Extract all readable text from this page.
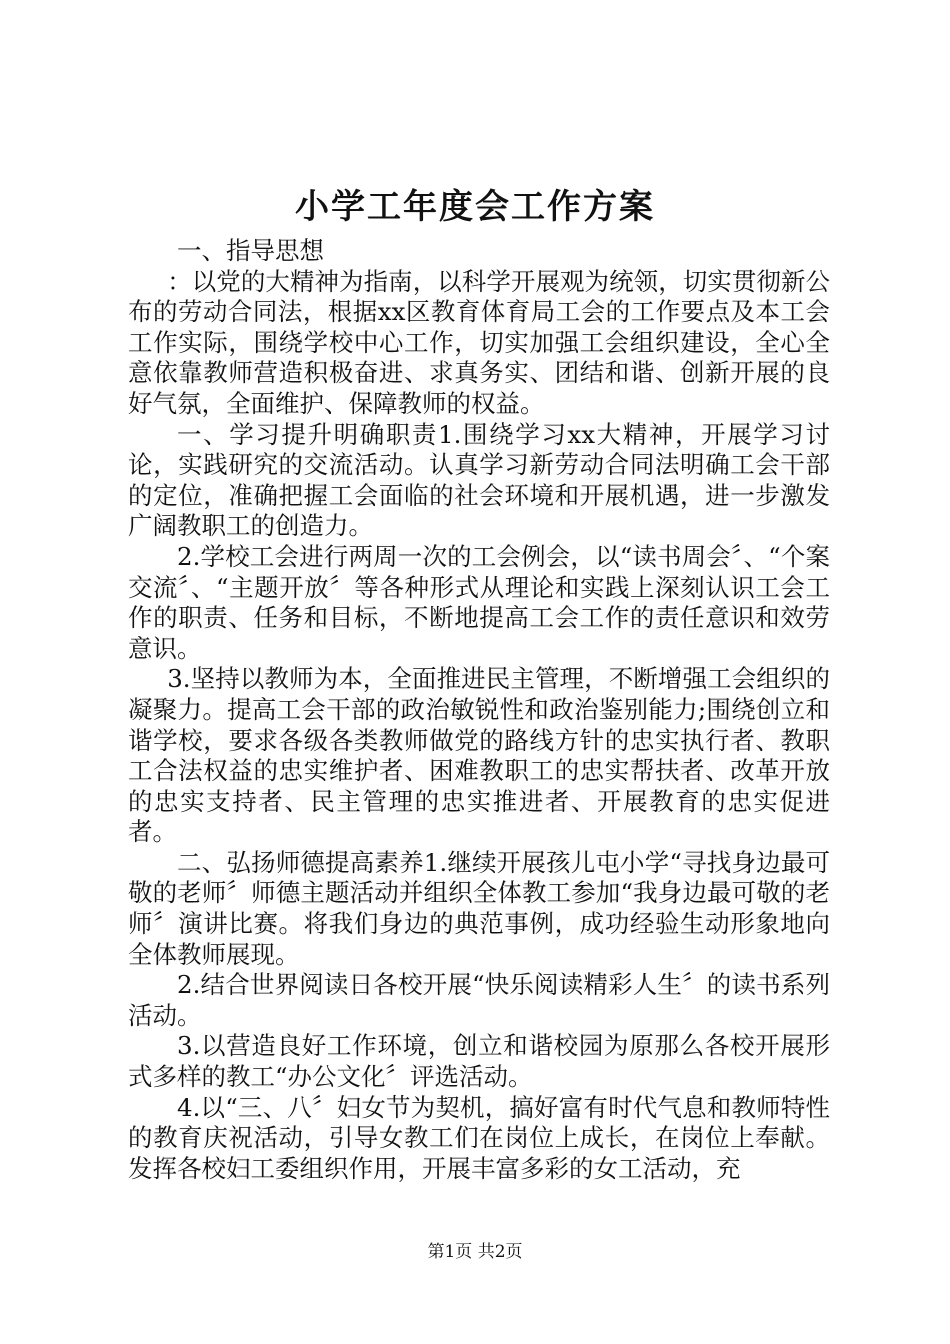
小学工年度会工作方案

一、指导思想

：以党的大精神为指南，以科学开展观为统领，切实贯彻新公布的劳动合同法，根据xx区教育体育局工会的工作要点及本工会工作实际，围绕学校中心工作，切实加强工会组织建设，全心全意依靠教师营造积极奋进、求真务实、团结和谐、创新开展的良好气氛，全面维护、保障教师的权益。

一、学习提升明确职责1.围绕学习xx大精神，开展学习讨论，实践研究的交流活动。认真学习新劳动合同法明确工会干部的定位，准确把握工会面临的社会环境和开展机遇，进一步激发广阔教职工的创造力。

2.学校工会进行两周一次的工会例会，以“读书周会〞、“个案交流〞、“主题开放〞等各种形式从理论和实践上深刻认识工会工作的职责、任务和目标，不断地提高工会工作的责任意识和效劳意识。

3.坚持以教师为本，全面推进民主管理，不断增强工会组织的凝聚力。提高工会干部的政治敏锐性和政治鉴别能力;围绕创立和谐学校，要求各级各类教师做党的路线方针的忠实执行者、教职工合法权益的忠实维护者、困难教职工的忠实帮扶者、改革开放的忠实支持者、民主管理的忠实推进者、开展教育的忠实促进者。

二、弘扬师德提高素养1.继续开展孩儿屯小学“寻找身边最可敬的老师〞师德主题活动并组织全体教工参加“我身边最可敬的老师〞演讲比赛。将我们身边的典范事例，成功经验生动形象地向全体教师展现。

2.结合世界阅读日各校开展“快乐阅读精彩人生〞的读书系列活动。

3.以营造良好工作环境，创立和谐校园为原那么各校开展形式多样的教工“办公文化〞评选活动。

4.以“三、八〞妇女节为契机，搞好富有时代气息和教师特性的教育庆祝活动，引导女教工们在岗位上成长，在岗位上奉献。发挥各校妇工委组织作用，开展丰富多彩的女工活动，充

第1页 共2页
